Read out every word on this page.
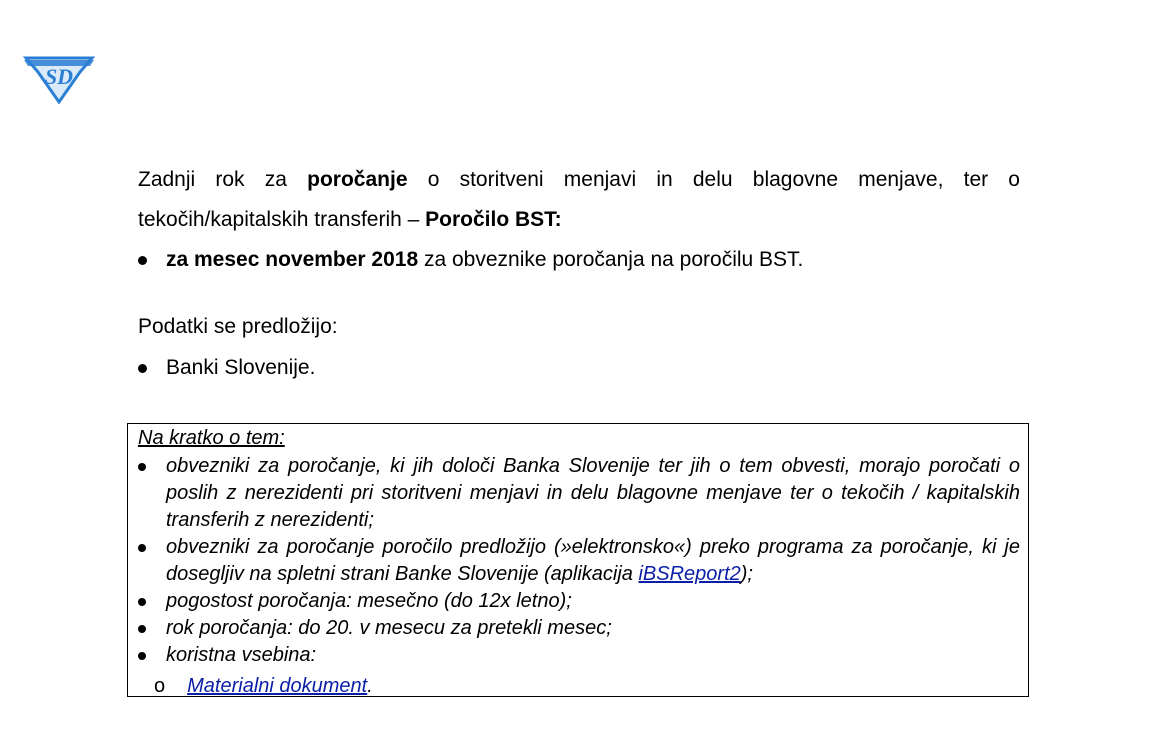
SD

Zadnji rok za poročanje o storitveni menjavi in delu blagovne menjave, ter o tekočih/kapitalskih transferih – Poročilo BST:

za mesec november 2018 za obveznike poročanja na poročilu BST.
Podatki se predložijo:
Banki Slovenije.
Na kratko o tem:
obvezniki za poročanje, ki jih določi Banka Slovenije ter jih o tem obvesti, morajo poročati o poslih z nerezidenti pri storitveni menjavi in delu blagovne menjave ter o tekočih / kapitalskih transferih z nerezidenti;
obvezniki za poročanje poročilo predložijo (»elektronsko«) preko programa za poročanje, ki je dosegljiv na spletni strani Banke Slovenije (aplikacija iBSReport2);
pogostost poročanja: mesečno (do 12x letno);
rok poročanja: do 20. v mesecu za pretekli mesec;
koristna vsebina:
o Materialni dokument.
